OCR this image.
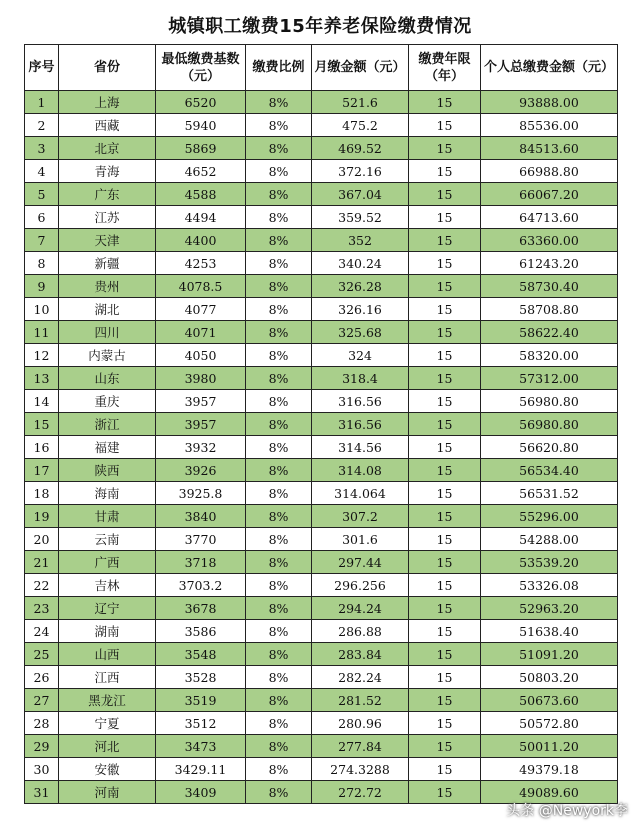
城镇职工缴费15年养老保险缴费情况
序号	省份	最低缴费基数（元）	缴费比例	月缴金额（元）	缴费年限（年）	个人总缴费金额（元）
1	上海	6520	8%	521.6	15	93888.00
2	西藏	5940	8%	475.2	15	85536.00
3	北京	5869	8%	469.52	15	84513.60
4	青海	4652	8%	372.16	15	66988.80
5	广东	4588	8%	367.04	15	66067.20
6	江苏	4494	8%	359.52	15	64713.60
7	天津	4400	8%	352	15	63360.00
8	新疆	4253	8%	340.24	15	61243.20
9	贵州	4078.5	8%	326.28	15	58730.40
10	湖北	4077	8%	326.16	15	58708.80
11	四川	4071	8%	325.68	15	58622.40
12	内蒙古	4050	8%	324	15	58320.00
13	山东	3980	8%	318.4	15	57312.00
14	重庆	3957	8%	316.56	15	56980.80
15	浙江	3957	8%	316.56	15	56980.80
16	福建	3932	8%	314.56	15	56620.80
17	陕西	3926	8%	314.08	15	56534.40
18	海南	3925.8	8%	314.064	15	56531.52
19	甘肃	3840	8%	307.2	15	55296.00
20	云南	3770	8%	301.6	15	54288.00
21	广西	3718	8%	297.44	15	53539.20
22	吉林	3703.2	8%	296.256	15	53326.08
23	辽宁	3678	8%	294.24	15	52963.20
24	湖南	3586	8%	286.88	15	51638.40
25	山西	3548	8%	283.84	15	51091.20
26	江西	3528	8%	282.24	15	50803.20
27	黑龙江	3519	8%	281.52	15	50673.60
28	宁夏	3512	8%	280.96	15	50572.80
29	河北	3473	8%	277.84	15	50011.20
30	安徽	3429.11	8%	274.3288	15	49379.18
31	河南	3409	8%	272.72	15	49089.60
头条 @Newyork李
